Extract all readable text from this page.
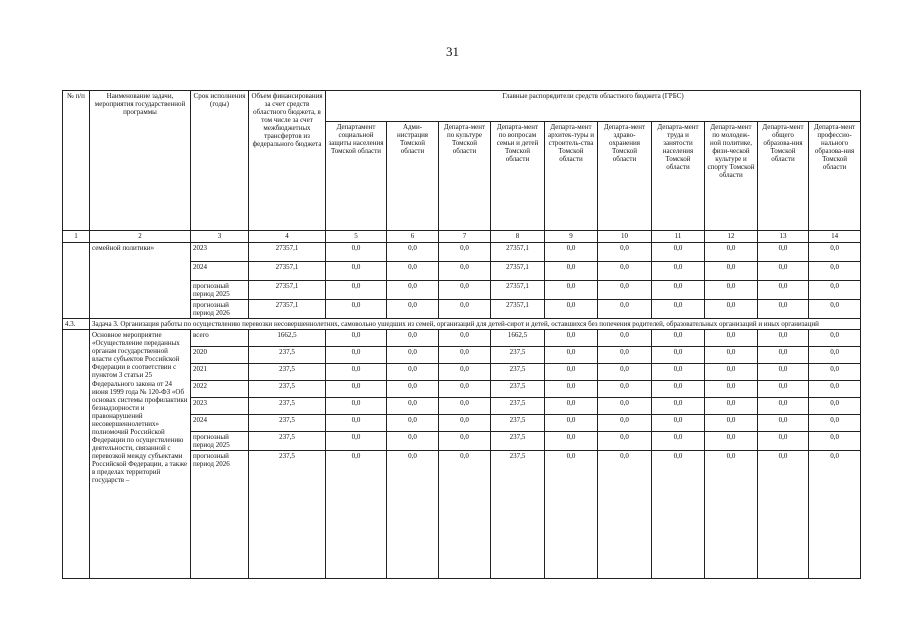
31
№ п/п	Наименование задачи, мероприятия государственной программы	Срок исполнения (годы)	Объем финансирования за счет средств областного бюджета, в том числе за счет межбюджетных трансфертов из федерального бюджета	Главные распорядители средств областного бюджета (ГРБС)									
				Департамент социальной защиты населения Томской области	Адми-нистрация Томской области	Департа-мент по культуре Томской области	Департа-мент по вопросам семьи и детей Томской области	Департа-мент архитек-туры и строитель-ства Томской области	Департа-мент здраво-охранения Томской области	Департа-мент труда и занятости населения Томской области	Департа-мент по молодеж-ной политике, физи-ческой культуре и спорту Томской области	Департа-мент общего образова-ния Томской области	Департа-мент профессио-нального образова-ния Томской области
1	2	3	4	5	6	7	8	9	10	11	12	13	14
	семейной политики»	2023	27357,1	0,0	0,0	0,0	27357,1	0,0	0,0	0,0	0,0	0,0	0,0
		2024	27357,1	0,0	0,0	0,0	27357,1	0,0	0,0	0,0	0,0	0,0	0,0
		прогнозный период 2025	27357,1	0,0	0,0	0,0	27357,1	0,0	0,0	0,0	0,0	0,0	0,0
		прогнозный период 2026	27357,1	0,0	0,0	0,0	27357,1	0,0	0,0	0,0	0,0	0,0	0,0
4.3.	Задача 3. Организация работы по осуществлению перевозки несовершеннолетних, самовольно ушедших из семей, организаций для детей-сирот и детей, оставшихся без попечения родителей, образовательных организаций и иных организаций												
	Основное мероприятие «Осуществление переданных органам государственной власти субъектов Российской Федерации в соответствии с пунктом 3 статьи 25 Федерального закона от 24 июня 1999 года № 120-ФЗ «Об основах системы профилактики безнадзорности и правонарушений несовершеннолетних» полномочий Российской Федерации по осуществлению деятельности, связанной с перевозкой между субъектами Российской Федерации, а также в пределах территорий государств –	всего	1662,5	0,0	0,0	0,0	1662,5	0,0	0,0	0,0	0,0	0,0	0,0
		2020	237,5	0,0	0,0	0,0	237,5	0,0	0,0	0,0	0,0	0,0	0,0
		2021	237,5	0,0	0,0	0,0	237,5	0,0	0,0	0,0	0,0	0,0	0,0
		2022	237,5	0,0	0,0	0,0	237,5	0,0	0,0	0,0	0,0	0,0	0,0
		2023	237,5	0,0	0,0	0,0	237,5	0,0	0,0	0,0	0,0	0,0	0,0
		2024	237,5	0,0	0,0	0,0	237,5	0,0	0,0	0,0	0,0	0,0	0,0
		прогнозный период 2025	237,5	0,0	0,0	0,0	237,5	0,0	0,0	0,0	0,0	0,0	0,0
		прогнозный период 2026	237,5	0,0	0,0	0,0	237,5	0,0	0,0	0,0	0,0	0,0	0,0
